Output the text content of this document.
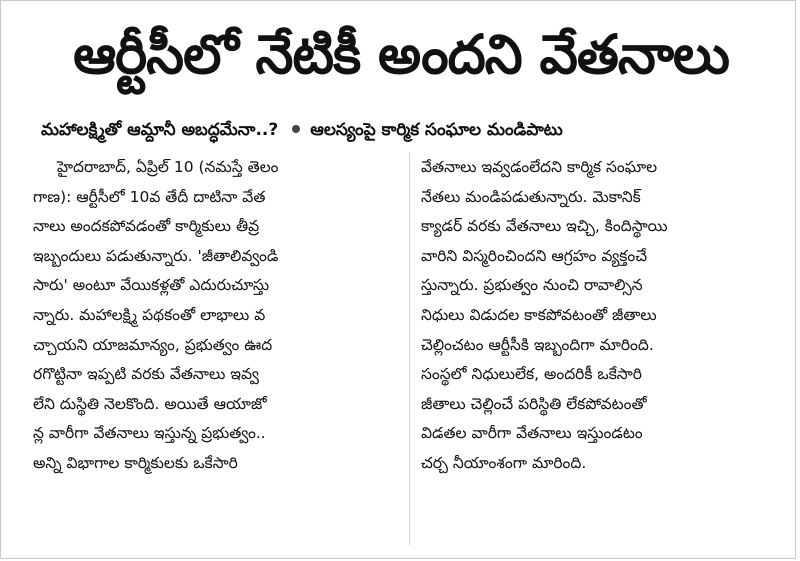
ఆర్టీసీలో నేటికీ అందని వేతనాలు
మహాలక్ష్మితో ఆమ్దానీ అబద్ధమేనా..? ఆలస్యంపై కార్మిక సంఘాల మండిపాటు
హైదరాబాద్, ఏప్రిల్ 10 (నమస్తే తెలం
గాణ): ఆర్టీసీలో 10వ తేదీ దాటినా వేత
నాలు అందకపోవడంతో కార్మికులు తీవ్ర
ఇబ్బందులు పడుతున్నారు. 'జీతాలివ్వండి
సారు' అంటూ వేయికళ్లతో ఎదురుచూస్తు
న్నారు. మహాలక్ష్మి పథకంతో లాభాలు వ
చ్చాయని యాజమాన్యం, ప్రభుత్వం ఊద
రగొట్టినా ఇప్పటి వరకు వేతనాలు ఇవ్వ
లేని దుస్థితి నెలకొంది. అయితే ఆయాజో
న్ల వారీగా వేతనాలు ఇస్తున్న ప్రభుత్వం..
అన్ని విభాగాల కార్మికులకు ఒకేసారి
వేతనాలు ఇవ్వడంలేదని కార్మిక సంఘాల
నేతలు మండిపడుతున్నారు. మెకానిక్
క్యాడర్ వరకు వేతనాలు ఇచ్చి, కిందిస్థాయి
వారిని విస్మరించిందని ఆగ్రహం వ్యక్తంచే
స్తున్నారు. ప్రభుత్వం నుంచి రావాల్సిన
నిధులు విడుదల కాకపోవటంతో జీతాలు
చెల్లించటం ఆర్టీసీకి ఇబ్బందిగా మారింది.
సంస్థలో నిధులులేక, అందరికీ ఒకేసారి
జీతాలు చెల్లించే పరిస్థితి లేకపోవటంతో
విడతల వారీగా వేతనాలు ఇస్తుండటం
చర్చ నీయాంశంగా మారింది.
